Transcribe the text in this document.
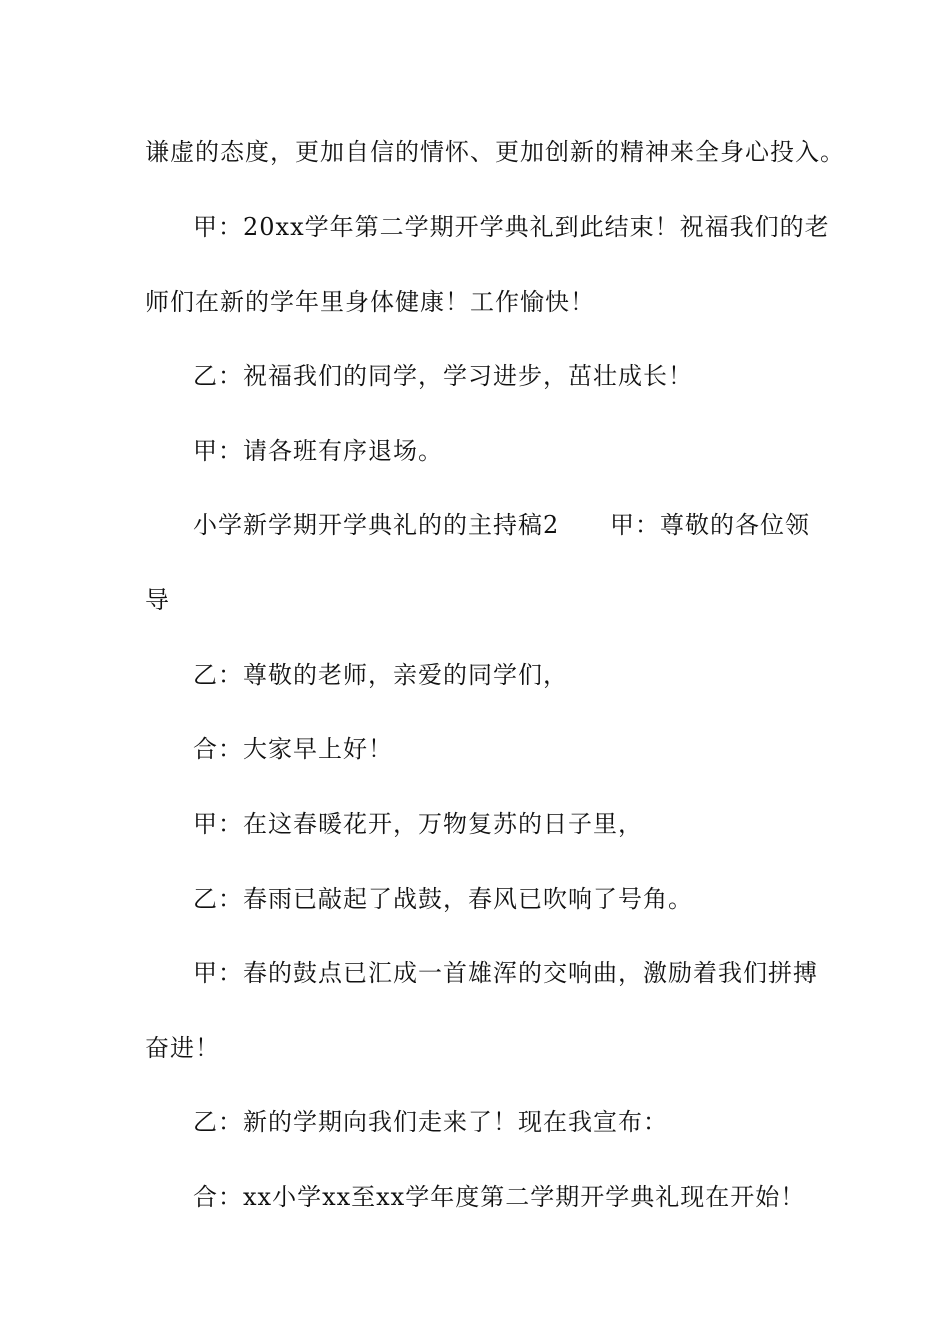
谦虚的态度，更加自信的情怀、更加创新的精神来全身心投入。
甲：20xx学年第二学期开学典礼到此结束！祝福我们的老
师们在新的学年里身体健康！工作愉快！
乙：祝福我们的同学，学习进步，茁壮成长！
甲：请各班有序退场。
小学新学期开学典礼的的主持稿2 甲：尊敬的各位领
导
乙：尊敬的老师，亲爱的同学们，
合：大家早上好！
甲：在这春暖花开，万物复苏的日子里，
乙：春雨已敲起了战鼓，春风已吹响了号角。
甲：春的鼓点已汇成一首雄浑的交响曲，激励着我们拼搏
奋进！
乙：新的学期向我们走来了！现在我宣布：
合：xx小学xx至xx学年度第二学期开学典礼现在开始！
